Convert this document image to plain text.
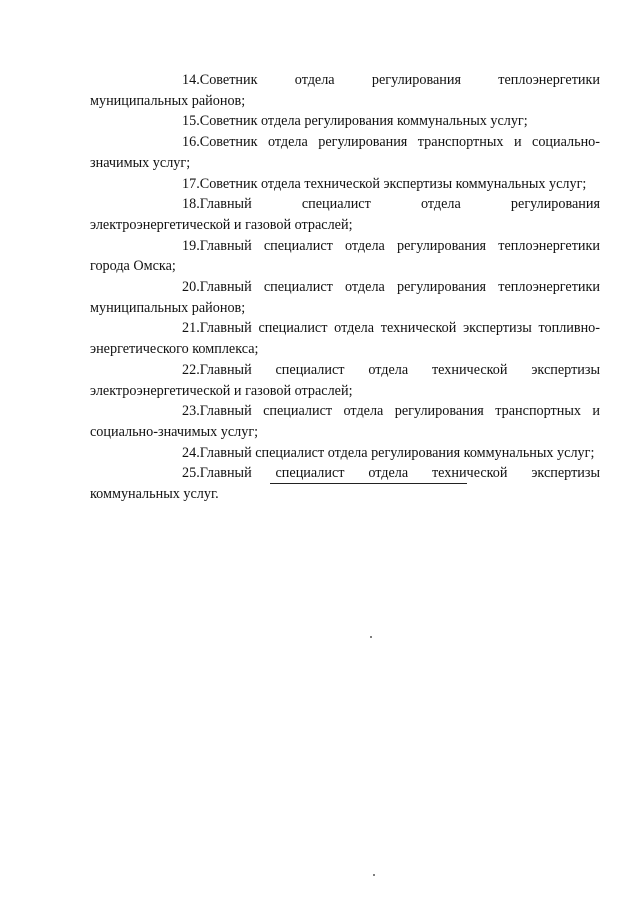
14.Советник отдела регулирования теплоэнергетики муниципальных районов;

15.Советник отдела регулирования коммунальных услуг;

16.Советник отдела регулирования транспортных и социально-значимых услуг;

17.Советник отдела технической экспертизы коммунальных услуг;

18.Главный специалист отдела регулирования электроэнергетической и газовой отраслей;

19.Главный специалист отдела регулирования теплоэнергетики города Омска;

20.Главный специалист отдела регулирования теплоэнергетики муниципальных районов;

21.Главный специалист отдела технической экспертизы топливно-энергетического комплекса;

22.Главный специалист отдела технической экспертизы электроэнергетической и газовой отраслей;

23.Главный специалист отдела регулирования транспортных и социально-значимых услуг;

24.Главный специалист отдела регулирования коммунальных услуг;

25.Главный специалист отдела технической экспертизы коммунальных услуг.
